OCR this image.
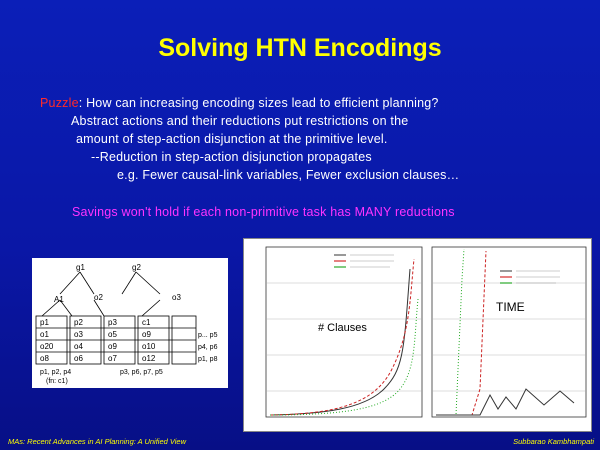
Solving HTN Encodings
Puzzle: How can increasing encoding sizes lead to efficient planning?
Abstract actions and their reductions put restrictions on the
amount of step-action disjunction at the primitive level.
--Reduction in step-action disjunction propagates
e.g. Fewer causal-link variables, Fewer exclusion clauses…
Savings won't hold if each non-primitive task has MANY reductions
g1	g2
A1	o2	o3
p1	p2	p3	c1
o1	o3	o5	o9
o20	o4	o9	o10
o8	o6	o7	o12
p... p5
p4, p6
p1, p8
p1, p2, p4
(fn: c1)
p3, p6, p7, p5
# Clauses
TIME
MAs: Recent Advances in AI Planning: A Unified View	Subbarao Kambhampati
